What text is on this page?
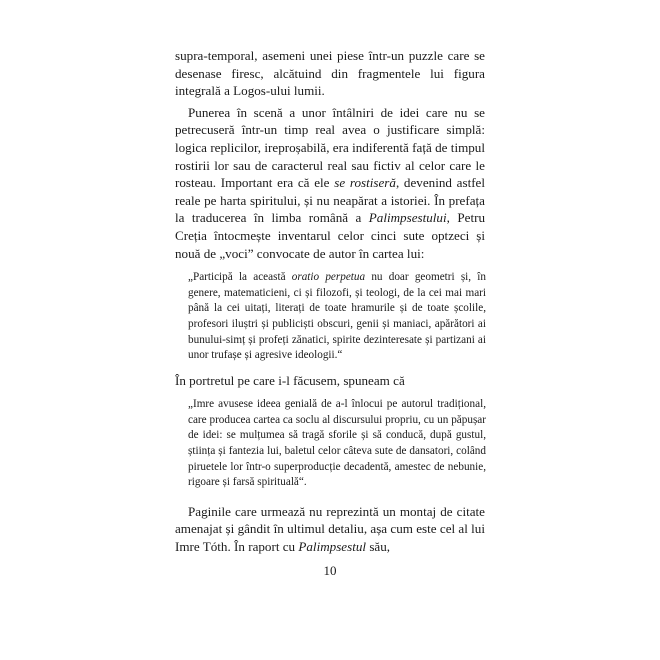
supra-temporal, asemeni unei piese într-un puzzle care se desenase firesc, alcătuind din fragmentele lui figura integrală a Logos-ului lumii.

Punerea în scenă a unor întâlniri de idei care nu se petrecuseră într-un timp real avea o justificare simplă: logica replicilor, ireproșabilă, era indiferentă față de timpul rostirii lor sau de caracterul real sau fictiv al celor care le rosteau. Important era că ele se rostiseră, devenind astfel reale pe harta spiritului, și nu neapărat a istoriei. În prefața la traducerea în limba română a Palimpsestului, Petru Creția întocmește inventarul celor cinci sute optzeci și nouă de „voci” convocate de autor în cartea lui:

„Participă la această oratio perpetua nu doar geometri și, în genere, matematicieni, ci și filozofi, și teologi, de la cei mai mari până la cei uitați, literați de toate hramurile și de toate școlile, profesori iluștri și publiciști obscuri, genii și maniaci, apărători ai bunului-simț și profeți zănatici, spirite dezinteresate și partizani ai unor trufașe și agresive ideologii.“

În portretul pe care i-l făcusem, spuneam că

„Imre avusese ideea genială de a-l înlocui pe autorul tradițional, care producea cartea ca soclu al discursului propriu, cu un păpușar de idei: se mulțumea să tragă sforile și să conducă, după gustul, știința și fantezia lui, baletul celor câteva sute de dansatori, colând piruetele lor într-o superproducție decadentă, amestec de nebunie, rigoare și farsă spirituală“.

Paginile care urmează nu reprezintă un montaj de citate amenajat și gândit în ultimul detaliu, așa cum este cel al lui Imre Tóth. În raport cu Palimpsestul său,

10
